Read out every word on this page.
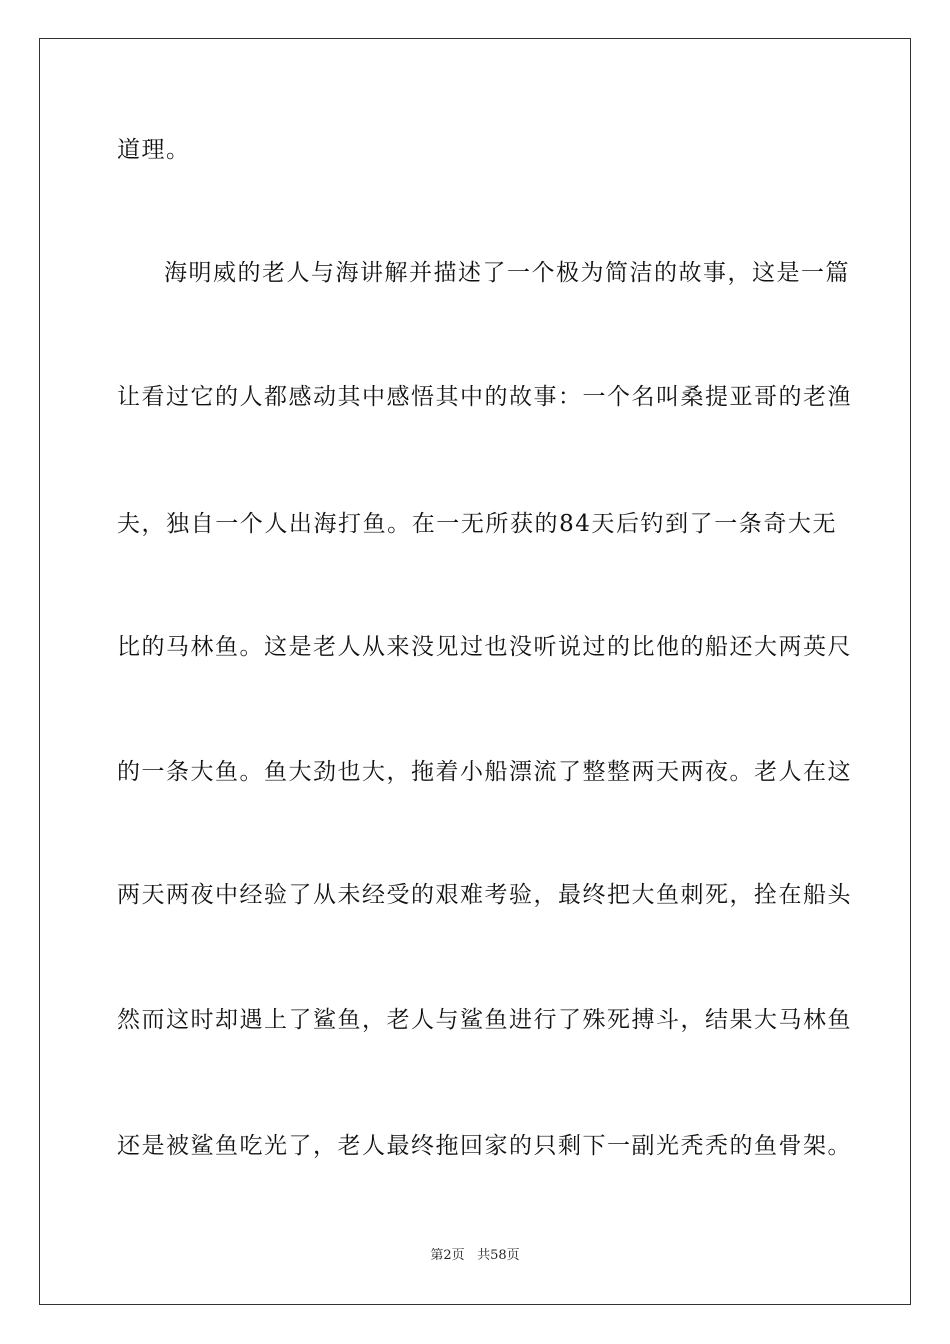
道理。
海明威的老人与海讲解并描述了一个极为简洁的故事，这是一篇
让看过它的人都感动其中感悟其中的故事：一个名叫桑提亚哥的老渔
夫，独自一个人出海打鱼。在一无所获的84天后钓到了一条奇大无
比的马林鱼。这是老人从来没见过也没听说过的比他的船还大两英尺
的一条大鱼。鱼大劲也大，拖着小船漂流了整整两天两夜。老人在这
两天两夜中经验了从未经受的艰难考验，最终把大鱼刺死，拴在船头
然而这时却遇上了鲨鱼，老人与鲨鱼进行了殊死搏斗，结果大马林鱼
还是被鲨鱼吃光了，老人最终拖回家的只剩下一副光秃秃的鱼骨架。
第2页 共58页
